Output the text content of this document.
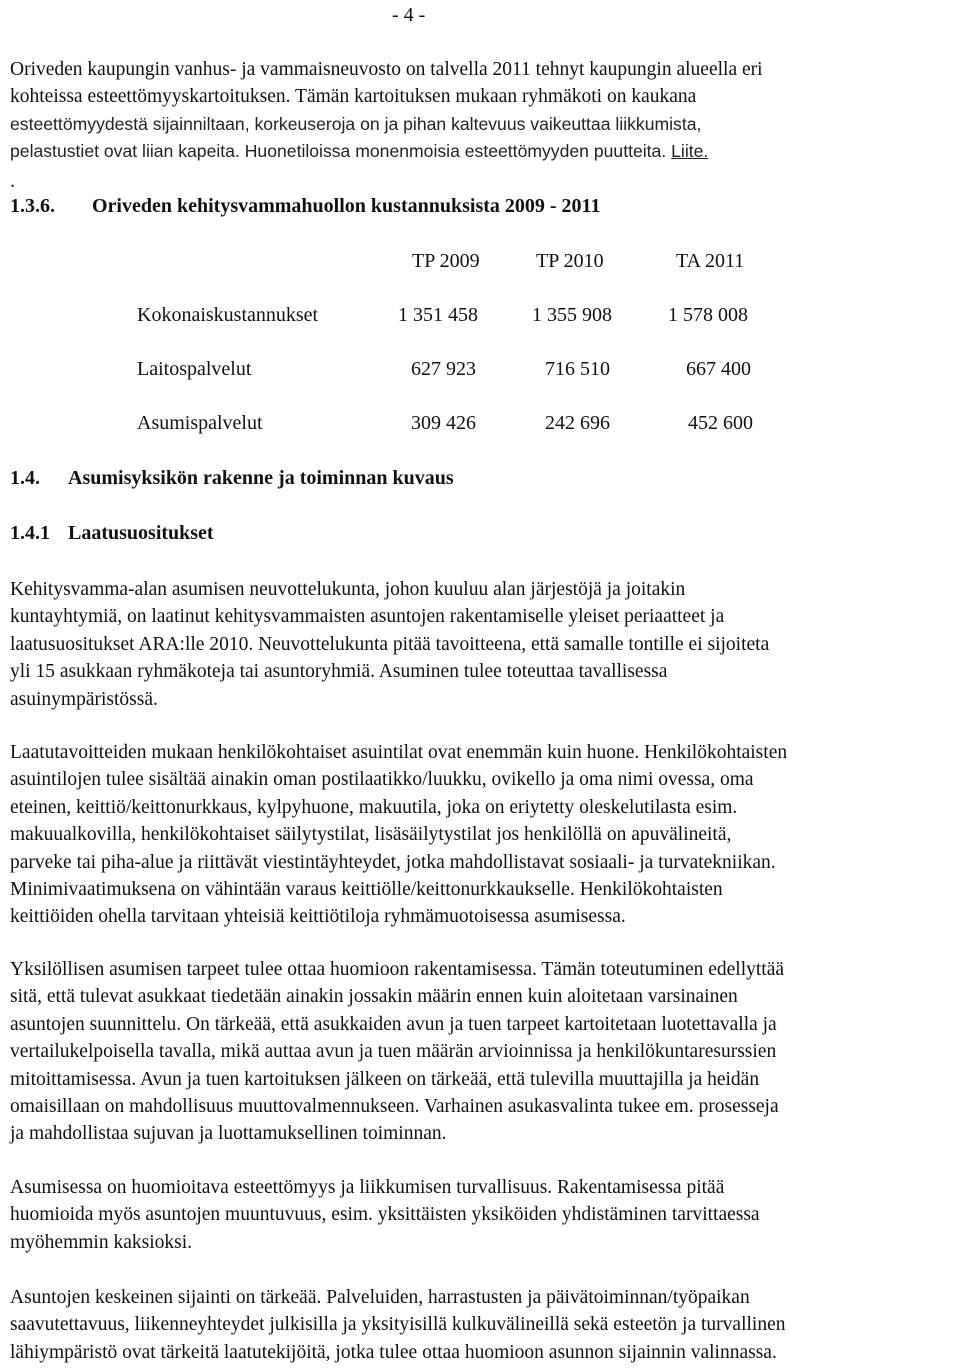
- 4 -
Oriveden kaupungin vanhus- ja vammaisneuvosto on talvella 2011 tehnyt kaupungin alueella eri
kohteissa esteettömyyskartoituksen. Tämän kartoituksen mukaan ryhmäkoti on kaukana
esteettömyydestä sijainniltaan, korkeuseroja on ja pihan kaltevuus vaikeuttaa liikkumista,
pelastustiet ovat liian kapeita. Huonetiloissa monenmoisia esteettömyyden puutteita. Liite.
.
1.3.6. Oriveden kehitysvammahuollon kustannuksista 2009 - 2011
TP 2009	TP 2010	TA 2011
Kokonaiskustannukset	1 351 458	1 355 908	1 578 008
Laitospalvelut	627 923	716 510	667 400
Asumispalvelut	309 426	242 696	452 600
1.4. Asumisyksikön rakenne ja toiminnan kuvaus
1.4.1 Laatusuositukset
Kehitysvamma-alan asumisen neuvottelukunta, johon kuuluu alan järjestöjä ja joitakin
kuntayhtymiä, on laatinut kehitysvammaisten asuntojen rakentamiselle yleiset periaatteet ja
laatusuositukset ARA:lle 2010. Neuvottelukunta pitää tavoitteena, että samalle tontille ei sijoiteta
yli 15 asukkaan ryhmäkoteja tai asuntoryhmiä. Asuminen tulee toteuttaa tavallisessa
asuinympäristössä.
Laatutavoitteiden mukaan henkilökohtaiset asuintilat ovat enemmän kuin huone. Henkilökohtaisten
asuintilojen tulee sisältää ainakin oman postilaatikko/luukku, ovikello ja oma nimi ovessa, oma
eteinen, keittiö/keittonurkkaus, kylpyhuone, makuutila, joka on eriytetty oleskelutilasta esim.
makuualkovilla, henkilökohtaiset säilytystilat, lisäsäilytystilat jos henkilöllä on apuvälineitä,
parveke tai piha-alue ja riittävät viestintäyhteydet, jotka mahdollistavat sosiaali- ja turvatekniikan.
Minimivaatimuksena on vähintään varaus keittiölle/keittonurkkaukselle. Henkilökohtaisten
keittiöiden ohella tarvitaan yhteisiä keittiötiloja ryhmämuotoisessa asumisessa.
Yksilöllisen asumisen tarpeet tulee ottaa huomioon rakentamisessa. Tämän toteutuminen edellyttää
sitä, että tulevat asukkaat tiedetään ainakin jossakin määrin ennen kuin aloitetaan varsinainen
asuntojen suunnittelu. On tärkeää, että asukkaiden avun ja tuen tarpeet kartoitetaan luotettavalla ja
vertailukelpoisella tavalla, mikä auttaa avun ja tuen määrän arvioinnissa ja henkilökuntaresurssien
mitoittamisessa. Avun ja tuen kartoituksen jälkeen on tärkeää, että tulevilla muuttajilla ja heidän
omaisillaan on mahdollisuus muuttovalmennukseen. Varhainen asukasvalinta tukee em. prosesseja
ja mahdollistaa sujuvan ja luottamuksellinen toiminnan.
Asumisessa on huomioitava esteettömyys ja liikkumisen turvallisuus. Rakentamisessa pitää
huomioida myös asuntojen muuntuvuus, esim. yksittäisten yksiköiden yhdistäminen tarvittaessa
myöhemmin kaksioksi.
Asuntojen keskeinen sijainti on tärkeää. Palveluiden, harrastusten ja päivätoiminnan/työpaikan
saavutettavuus, liikenneyhteydet julkisilla ja yksityisillä kulkuvälineillä sekä esteetön ja turvallinen
lähiympäristö ovat tärkeitä laatutekijöitä, jotka tulee ottaa huomioon asunnon sijainnin valinnassa.
